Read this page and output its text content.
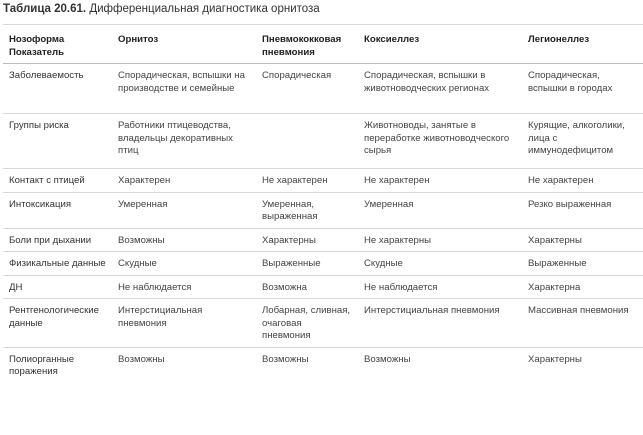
Таблица 20.61. Дифференциальная диагностика орнитоза
Нозоформа
Показатель	Орнитоз	Пневмококковая пневмония	Коксиеллез	Легионеллез
Заболеваемость	Спорадическая, вспышки на производстве и семейные	Спорадическая	Спорадическая, вспышки в животноводческих регионах	Спорадическая, вспышки в городах
Группы риска	Работники птицеводства, владельцы декоративных птиц		Животноводы, занятые в переработке животноводческого сырья	Курящие, алкоголики, лица с иммунодефицитом
Контакт с птицей	Характерен	Не характерен	Не характерен	Не характерен
Интоксикация	Умеренная	Умеренная, выраженная	Умеренная	Резко выраженная
Боли при дыхании	Возможны	Характерны	Не характерны	Характерны
Физикальные данные	Скудные	Выраженные	Скудные	Выраженные
ДН	Не наблюдается	Возможна	Не наблюдается	Характерна
Рентгенологические данные	Интерстициальная пневмония	Лобарная, сливная, очаговая пневмония	Интерстициальная пневмония	Массивная пневмония
Полиорганные поражения	Возможны	Возможны	Возможны	Характерны
